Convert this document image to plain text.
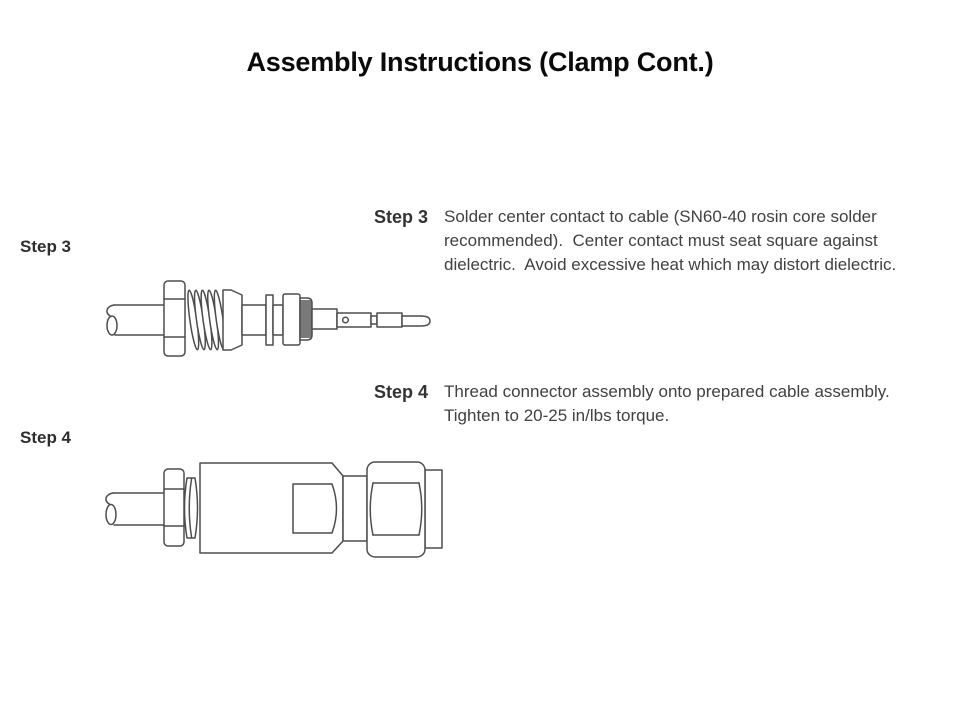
Assembly Instructions (Clamp Cont.)
Step 3
Step 4
Step 3 Solder center contact to cable (SN60-40 rosin core solder
recommended).  Center contact must seat square against
dielectric.  Avoid excessive heat which may distort dielectric.
Step 4 Thread connector assembly onto prepared cable assembly.
Tighten to 20-25 in/lbs torque.
